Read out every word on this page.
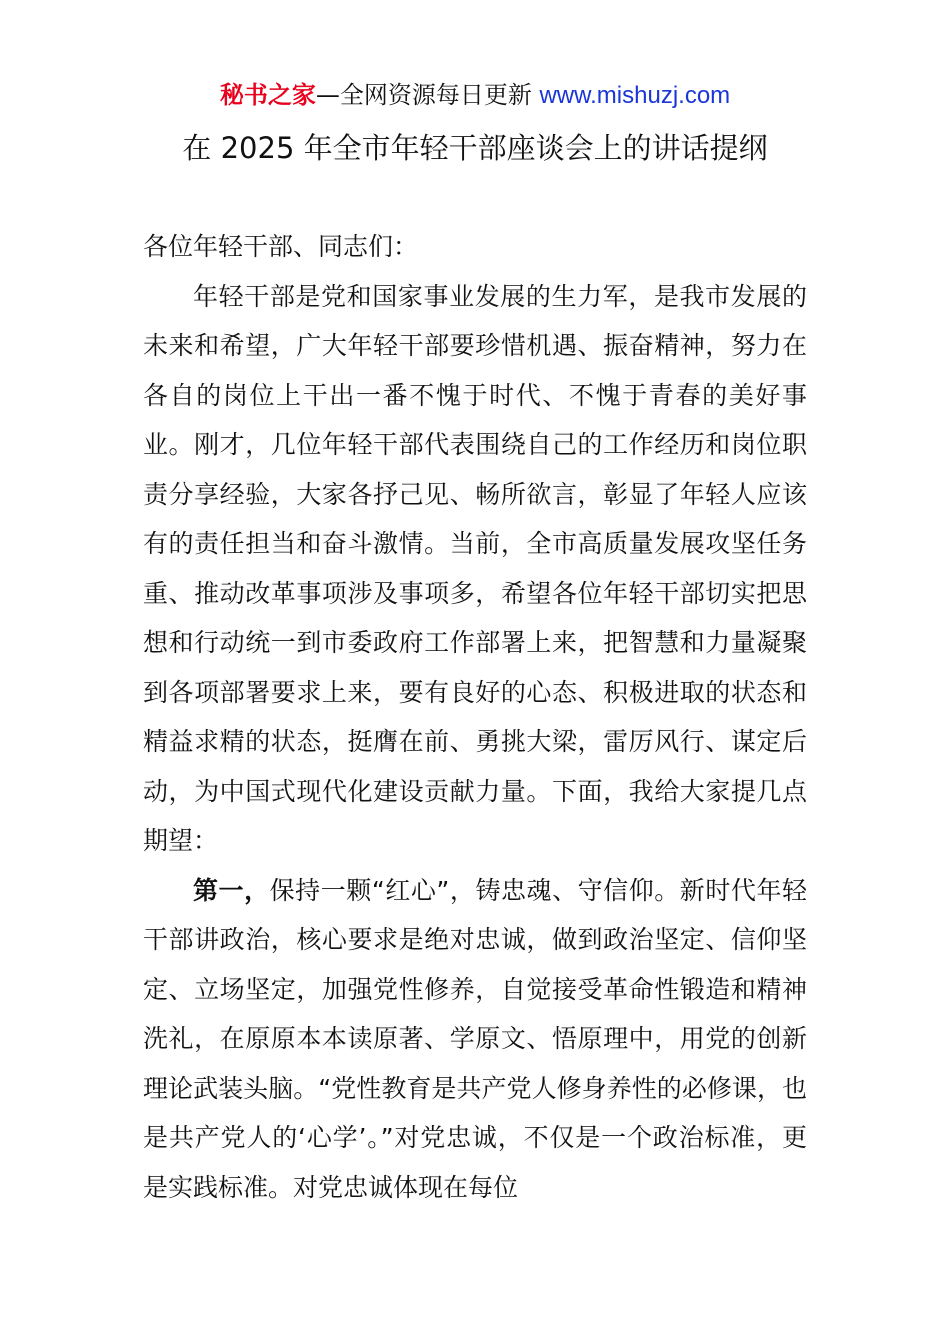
秘书之家—全网资源每日更新 www.mishuzj.com
在 2025 年全市年轻干部座谈会上的讲话提纲

各位年轻干部、同志们：

年轻干部是党和国家事业发展的生力军，是我市发展的未来和希望，广大年轻干部要珍惜机遇、振奋精神，努力在各自的岗位上干出一番不愧于时代、不愧于青春的美好事业。刚才，几位年轻干部代表围绕自己的工作经历和岗位职责分享经验，大家各抒己见、畅所欲言，彰显了年轻人应该有的责任担当和奋斗激情。当前，全市高质量发展攻坚任务重、推动改革事项涉及事项多，希望各位年轻干部切实把思想和行动统一到市委政府工作部署上来，把智慧和力量凝聚到各项部署要求上来，要有良好的心态、积极进取的状态和精益求精的状态，挺膺在前、勇挑大梁，雷厉风行、谋定后动，为中国式现代化建设贡献力量。下面，我给大家提几点期望：

第一，保持一颗“红心”，铸忠魂、守信仰。新时代年轻干部讲政治，核心要求是绝对忠诚，做到政治坚定、信仰坚定、立场坚定，加强党性修养，自觉接受革命性锻造和精神洗礼，在原原本本读原著、学原文、悟原理中，用党的创新理论武装头脑。“党性教育是共产党人修身养性的必修课，也是共产党人的‘心学’。”对党忠诚，不仅是一个政治标准，更是实践标准。对党忠诚体现在每位
